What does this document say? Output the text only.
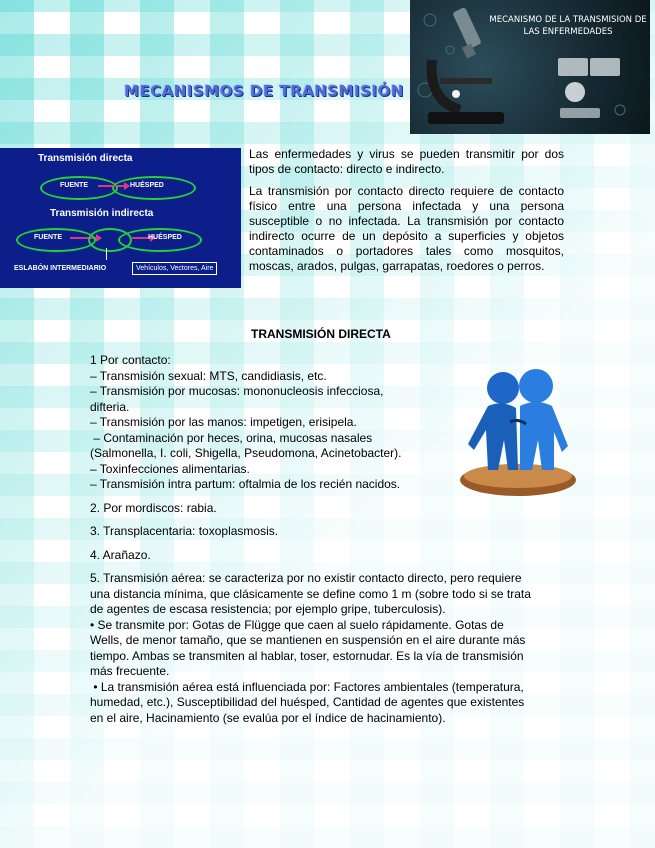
MECANISMOS DE TRANSMISIÓN
MECANISMO DE LA TRANSMISION DE LAS ENFERMEDADES
Transmisión directa
FUENTE	HUÉSPED
Transmisión indirecta
FUENTE	HUÉSPED
ESLABÓN INTERMEDIARIO	Vehículos, Vectores, Aire

Las enfermedades y virus se pueden transmitir por dos tipos de contacto: directo e indirecto.

La transmisión por contacto directo requiere de contacto físico entre una persona infectada y una persona susceptible o no infectada. La transmisión por contacto indirecto ocurre de un depósito a superficies y objetos contaminados o portadores tales como mosquitos, moscas, arados, pulgas, garrapatas, roedores o perros.

TRANSMISIÓN DIRECTA
1 Por contacto:
– Transmisión sexual: MTS, candidiasis, etc.
– Transmisión por mucosas: mononucleosis infecciosa,
difteria.
– Transmisión por las manos: impetigen, erisipela.
– Contaminación por heces, orina, mucosas nasales
(Salmonella, I. coli, Shigella, Pseudomona, Acinetobacter).
– Toxinfecciones alimentarias.
– Transmisión intra partum: oftalmia de los recién nacidos.
2. Por mordiscos: rabia.
3. Transplacentaria: toxoplasmosis.
4. Arañazo.
5. Transmisión aérea: se caracteriza por no existir contacto directo, pero requiere
una distancia mínima, que clásicamente se define como 1 m (sobre todo si se trata
de agentes de escasa resistencia; por ejemplo gripe, tuberculosis).
• Se transmite por: Gotas de Flügge que caen al suelo rápidamente. Gotas de
Wells, de menor tamaño, que se mantienen en suspensión en el aire durante más
tiempo. Ambas se transmiten al hablar, toser, estornudar. Es la vía de transmisión
más frecuente.
• La transmisión aérea está influenciada por: Factores ambientales (temperatura,
humedad, etc.), Susceptibilidad del huésped, Cantidad de agentes que existentes
en el aire, Hacinamiento (se evalúa por el índice de hacinamiento).
